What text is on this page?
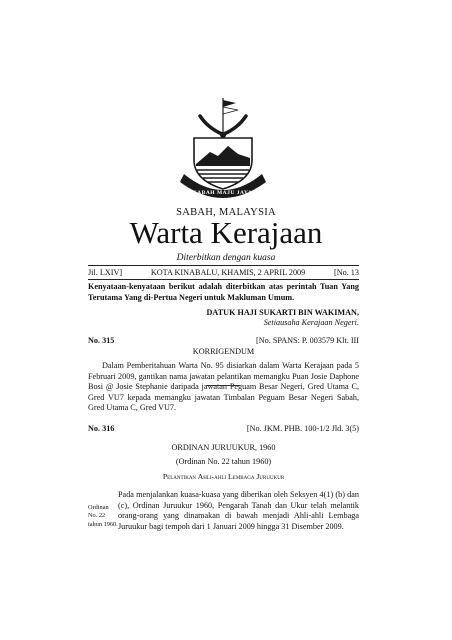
SABAH MAJU JAYA
SABAH, MALAYSIA
Warta Kerajaan
Diterbitkan dengan kuasa
Jil. LXIV]	KOTA KINABALU, KHAMIS, 2 APRIL 2009	[No. 13
Kenyataan-kenyataan berikut adalah diterbitkan atas perintah Tuan Yang Terutama Yang di-Pertua Negeri untuk Makluman Umum.
DATUK HAJI SUKARTI BIN WAKIMAN,
Setiausaha Kerajaan Negeri.
No. 315	[No. SPANS: P. 003579 Klt. III
KORRIGENDUM
Dalam Pemberitahuan Warta No. 95 disiarkan dalam Warta Kerajaan pada 5 Februari 2009, gantikan nama jawatan pelantikan memangku Puan Josie Daphone Bosi @ Josie Stephanie daripada jawatan Peguam Besar Negeri, Gred Utama C, Gred VU7 kepada memangku jawatan Timbalan Peguam Besar Negeri Sabah, Gred Utama C, Gred VU7.
No. 316	[No. JKM. PHB. 100-1/2 Jld. 3(5)
ORDINAN JURUUKUR, 1960
(Ordinan No. 22 tahun 1960)
Pelantikan Ahli-ahli Lembaga Juruukur
Pada menjalankan kuasa-kuasa yang diberikan oleh Seksyen 4(1) (b) dan (c), Ordinan Juruukur 1960, Pengarah Tanah dan Ukur telah melantik orang-orang yang dinamakan di bawah menjadi Ahli-ahli Lembaga Juruukur bagi tempoh dari 1 Januari 2009 hingga 31 Disember 2009.
Ordinan
No. 22
tahun 1960.
